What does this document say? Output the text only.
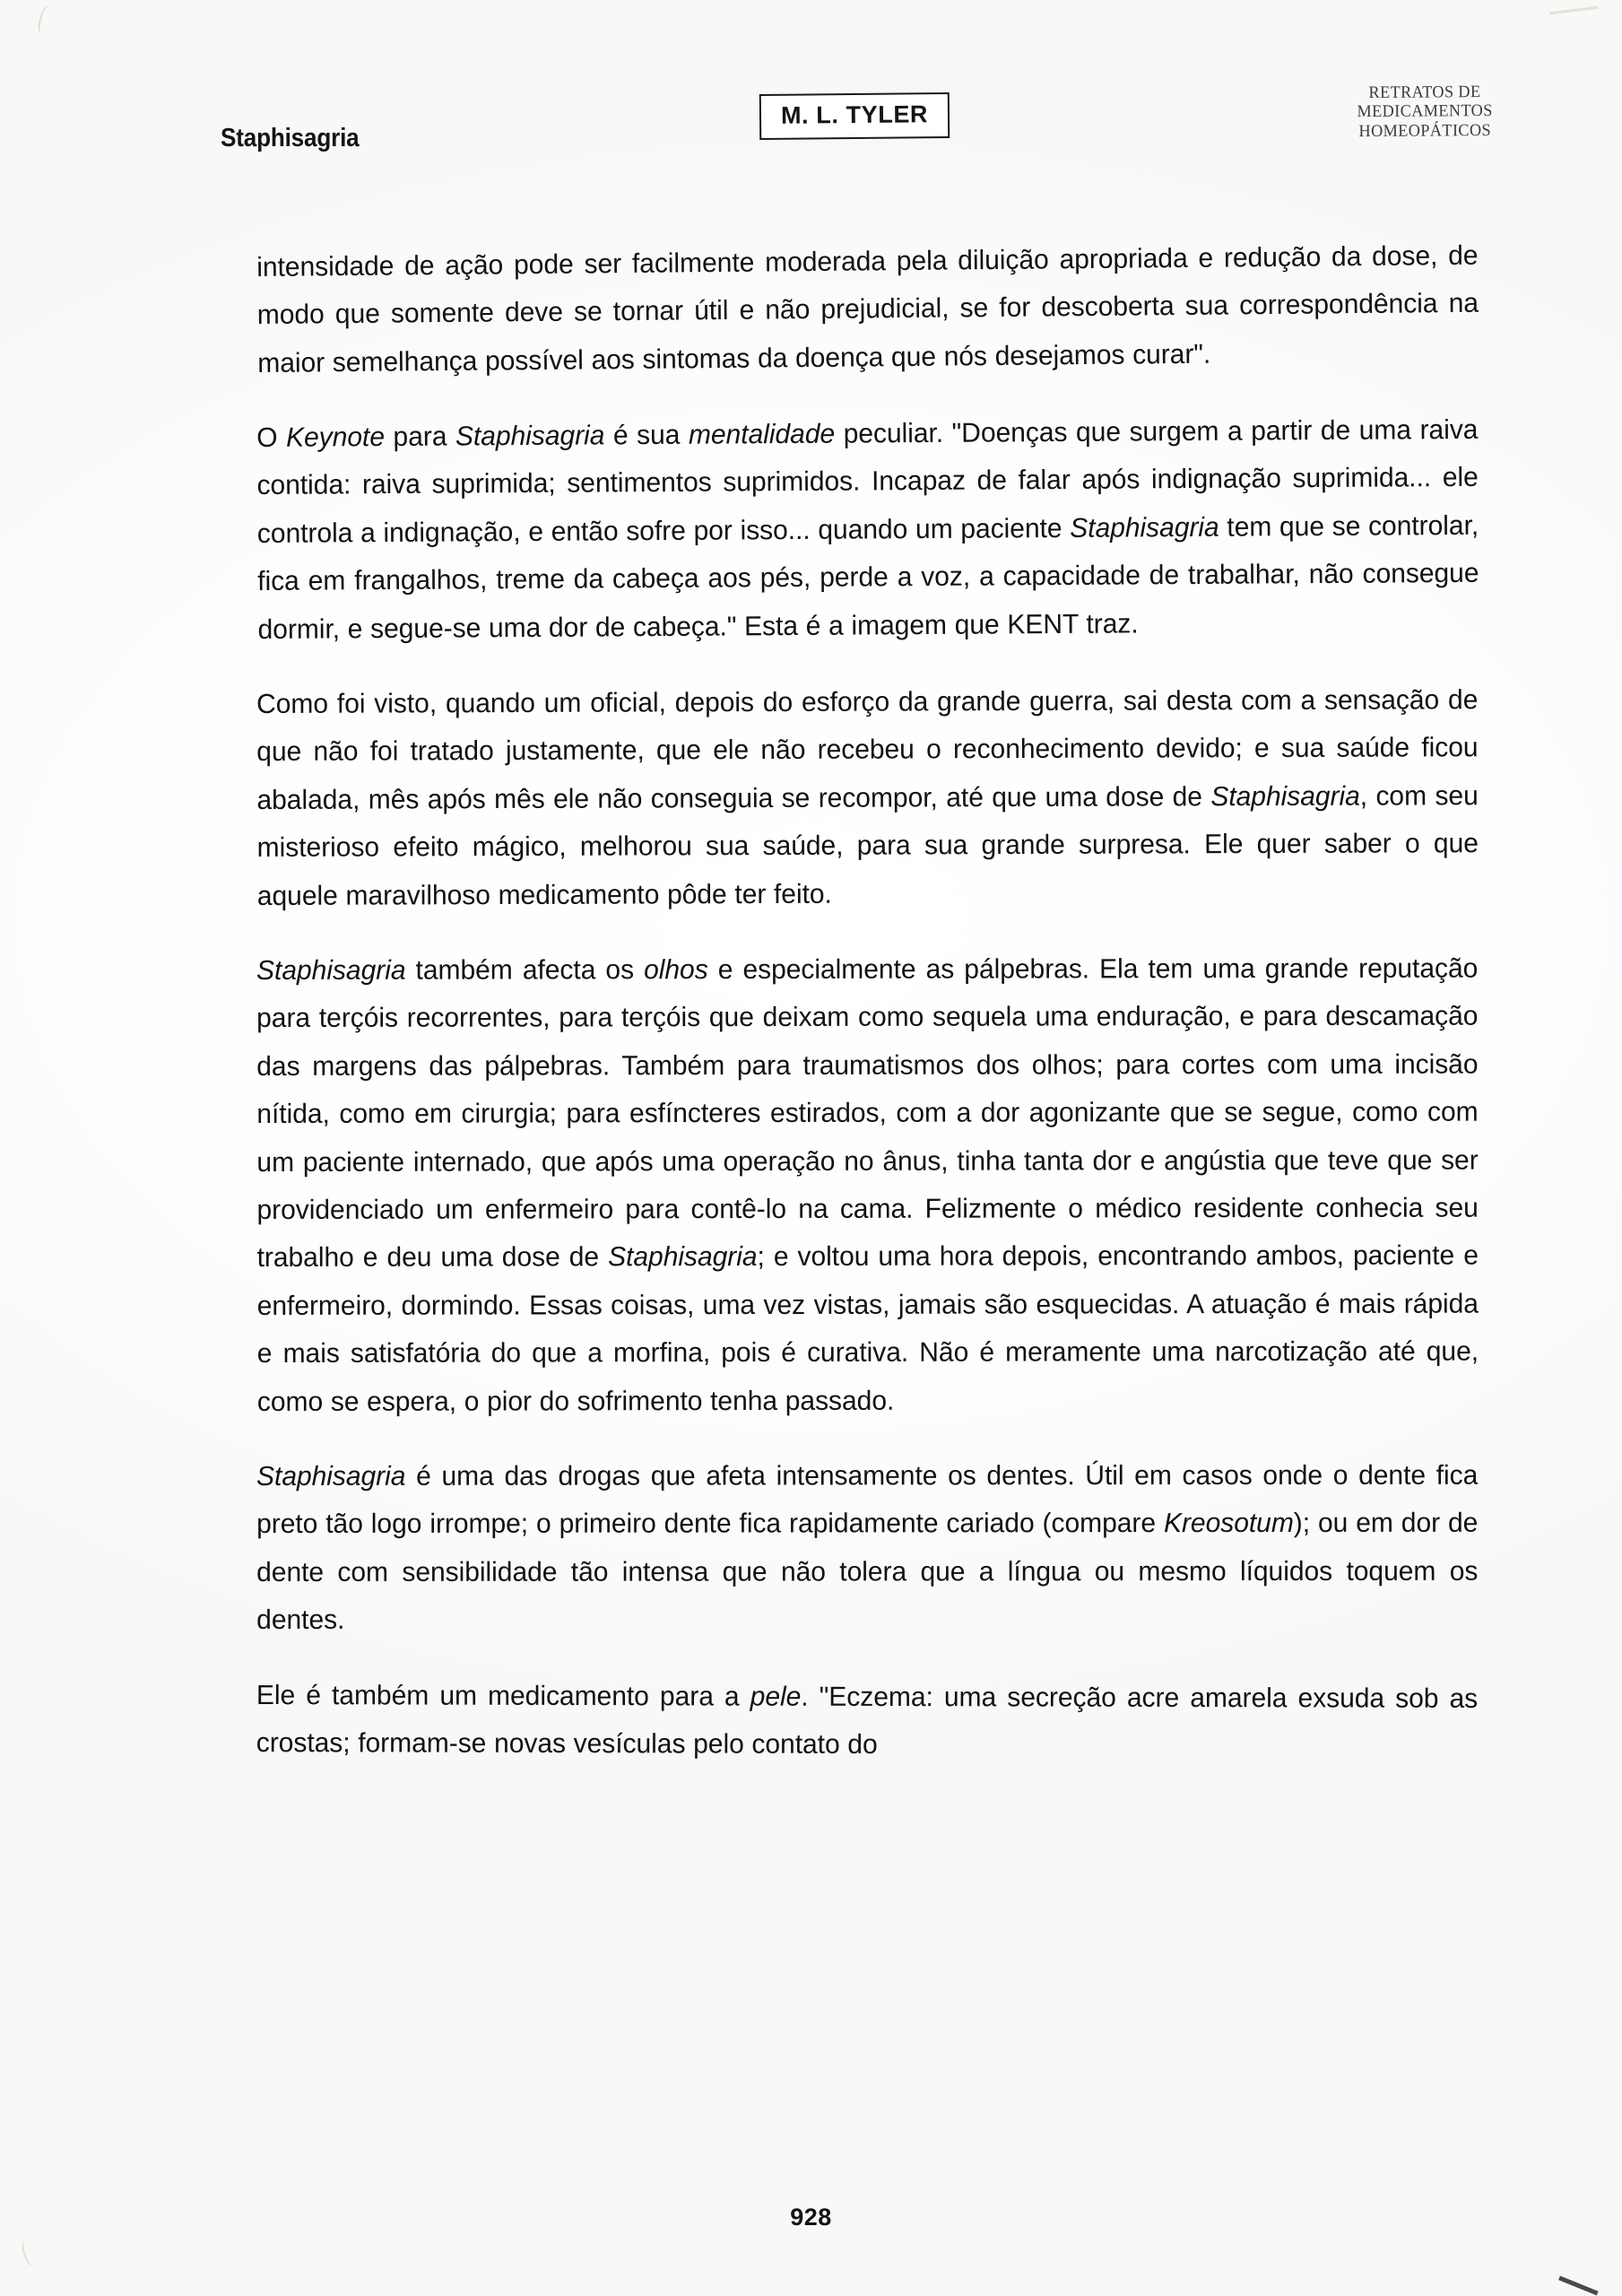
Staphisagria
M. L. TYLER
RETRATOS DE
MEDICAMENTOS
HOMEOPÁTICOS

intensidade de ação pode ser facilmente moderada pela diluição apropriada e redução da dose, de modo que somente deve se tornar útil e não prejudicial, se for descoberta sua correspondência na maior semelhança possível aos sintomas da doença que nós desejamos curar".

O Keynote para Staphisagria é sua mentalidade peculiar. "Doenças que surgem a partir de uma raiva contida: raiva suprimida; sentimentos suprimidos. Incapaz de falar após indignação suprimida... ele controla a indignação, e então sofre por isso... quando um paciente Staphisagria tem que se controlar, fica em frangalhos, treme da cabeça aos pés, perde a voz, a capacidade de trabalhar, não consegue dormir, e segue-se uma dor de cabeça." Esta é a imagem que KENT traz.

Como foi visto, quando um oficial, depois do esforço da grande guerra, sai desta com a sensação de que não foi tratado justamente, que ele não recebeu o reconhecimento devido; e sua saúde ficou abalada, mês após mês ele não conseguia se recompor, até que uma dose de Staphisagria, com seu misterioso efeito mágico, melhorou sua saúde, para sua grande surpresa. Ele quer saber o que aquele maravilhoso medicamento pôde ter feito.

Staphisagria também afecta os olhos e especialmente as pálpebras. Ela tem uma grande reputação para terçóis recorrentes, para terçóis que deixam como sequela uma enduração, e para descamação das margens das pálpebras. Também para traumatismos dos olhos; para cortes com uma incisão nítida, como em cirurgia; para esfíncteres estirados, com a dor agonizante que se segue, como com um paciente internado, que após uma operação no ânus, tinha tanta dor e angústia que teve que ser providenciado um enfermeiro para contê-lo na cama. Felizmente o médico residente conhecia seu trabalho e deu uma dose de Staphisagria; e voltou uma hora depois, encontrando ambos, paciente e enfermeiro, dormindo. Essas coisas, uma vez vistas, jamais são esquecidas. A atuação é mais rápida e mais satisfatória do que a morfina, pois é curativa. Não é meramente uma narcotização até que, como se espera, o pior do sofrimento tenha passado.

Staphisagria é uma das drogas que afeta intensamente os dentes. Útil em casos onde o dente fica preto tão logo irrompe; o primeiro dente fica rapidamente cariado (compare Kreosotum); ou em dor de dente com sensibilidade tão intensa que não tolera que a língua ou mesmo líquidos toquem os dentes.

Ele é também um medicamento para a pele. "Eczema: uma secreção acre amarela exsuda sob as crostas; formam-se novas vesículas pelo contato do

928
